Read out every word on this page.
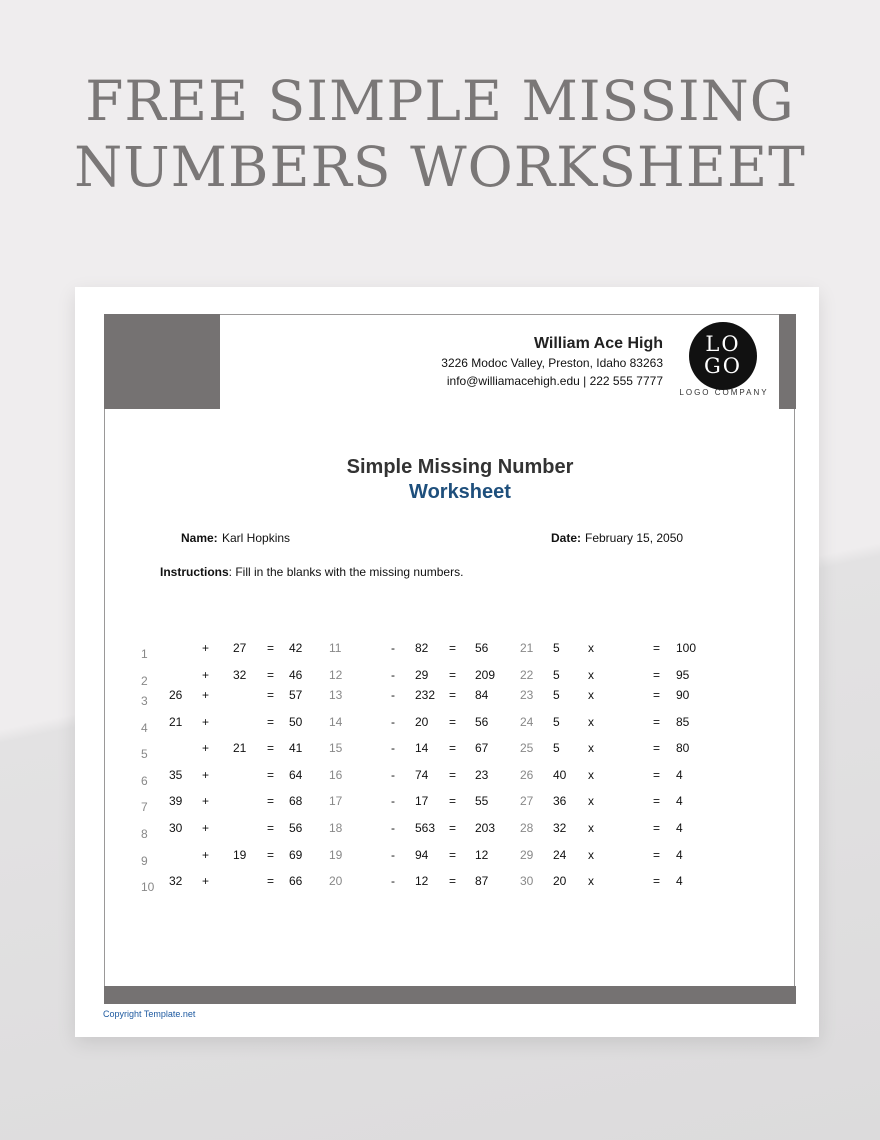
FREE SIMPLE MISSING
NUMBERS WORKSHEET
William Ace High
3226 Modoc Valley, Preston, Idaho 83263
info@williamacehigh.edu | 222 555 7777
LO
GO
LOGO COMPANY
Simple Missing Number
Worksheet
Name: Karl Hopkins	Date: February 15, 2050
Instructions: Fill in the blanks with the missing numbers.
1	+ 27 = 42
2	+ 32 = 46
3 26 +	= 57
4 21 +	= 50
5	+ 21 = 41
6 35 +	= 64
7 39 +	= 68
8 30 +	= 56
9	+ 19 = 69
10 32 +	= 66
11	- 82 = 56
12	- 29 = 209
13	- 232 = 84
14	- 20 = 56
15	- 14 = 67
16	- 74 = 23
17	- 17 = 55
18	- 563 = 203
19	- 94 = 12
20	- 12 = 87
21 5 x	= 100
22 5 x	= 95
23 5 x	= 90
24 5 x	= 85
25 5 x	= 80
26 40 x	= 4
27 36 x	= 4
28 32 x	= 4
29 24 x	= 4
30 20 x	= 4
Copyright Template.net
